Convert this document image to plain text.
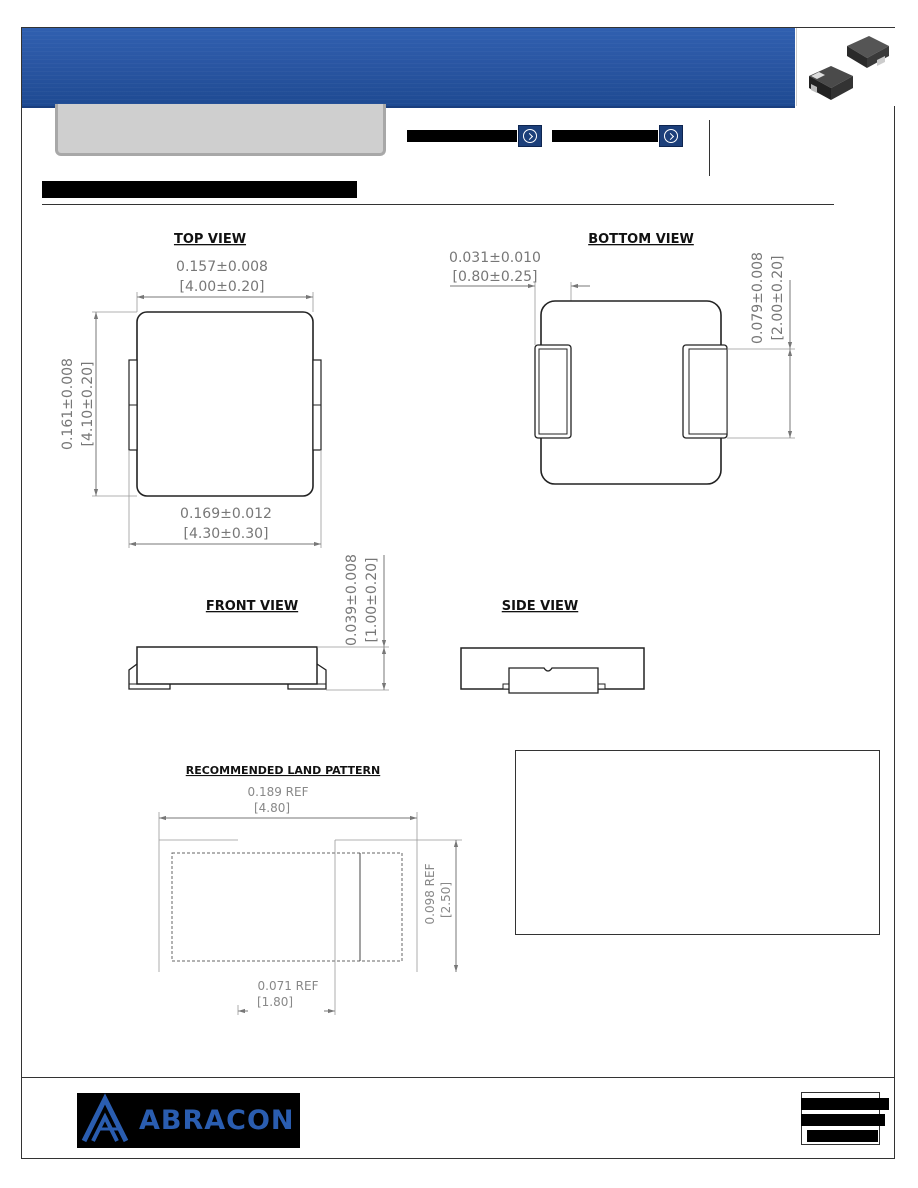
TOP VIEW
0.157±0.008
[4.00±0.20]
0.161±0.008 [4.10±0.20]
0.169±0.012
[4.30±0.30]
BOTTOM VIEW
0.031±0.010
[0.80±0.25]	0.079±0.008 [2.00±0.20]
FRONT VIEW	0.039±0.008 [1.00±0.20]	SIDE VIEW
RECOMMENDED LAND PATTERN
0.189 REF
[4.80]
0.098 REF [2.50]
0.071 REF
[1.80]
ABRACON
